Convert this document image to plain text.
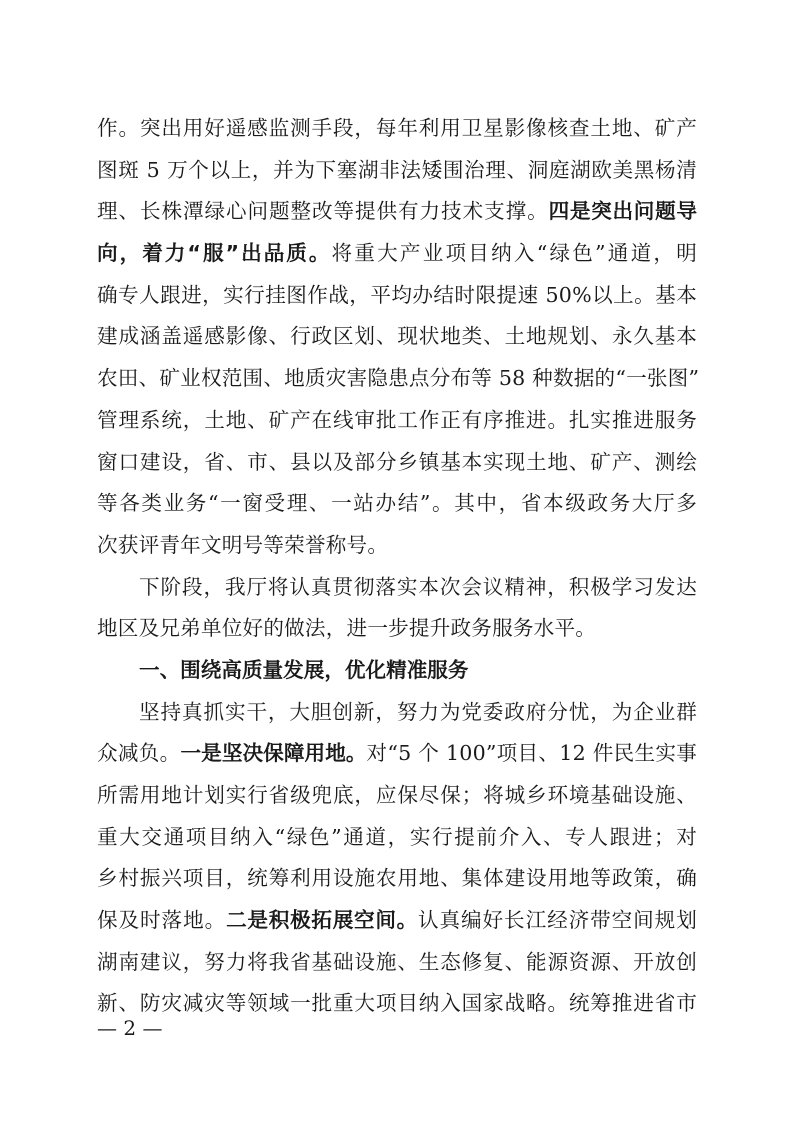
作。突出用好遥感监测手段，每年利用卫星影像核查土地、矿产
图斑 5 万个以上，并为下塞湖非法矮围治理、洞庭湖欧美黑杨清
理、长株潭绿心问题整改等提供有力技术支撑。四是突出问题导
向，着力“服”出品质。将重大产业项目纳入“绿色”通道，明
确专人跟进，实行挂图作战，平均办结时限提速 50%以上。基本
建成涵盖遥感影像、行政区划、现状地类、土地规划、永久基本
农田、矿业权范围、地质灾害隐患点分布等 58 种数据的“一张图”
管理系统，土地、矿产在线审批工作正有序推进。扎实推进服务
窗口建设，省、市、县以及部分乡镇基本实现土地、矿产、测绘
等各类业务“一窗受理、一站办结”。其中，省本级政务大厅多
次获评青年文明号等荣誉称号。
下阶段，我厅将认真贯彻落实本次会议精神，积极学习发达
地区及兄弟单位好的做法，进一步提升政务服务水平。
一、围绕高质量发展，优化精准服务
坚持真抓实干，大胆创新，努力为党委政府分忧，为企业群
众减负。一是坚决保障用地。对“5 个 100”项目、12 件民生实事
所需用地计划实行省级兜底，应保尽保；将城乡环境基础设施、
重大交通项目纳入“绿色”通道，实行提前介入、专人跟进；对
乡村振兴项目，统筹利用设施农用地、集体建设用地等政策，确
保及时落地。二是积极拓展空间。认真编好长江经济带空间规划
湖南建议，努力将我省基础设施、生态修复、能源资源、开放创
新、防灾减灾等领域一批重大项目纳入国家战略。统筹推进省市
— 2 —
